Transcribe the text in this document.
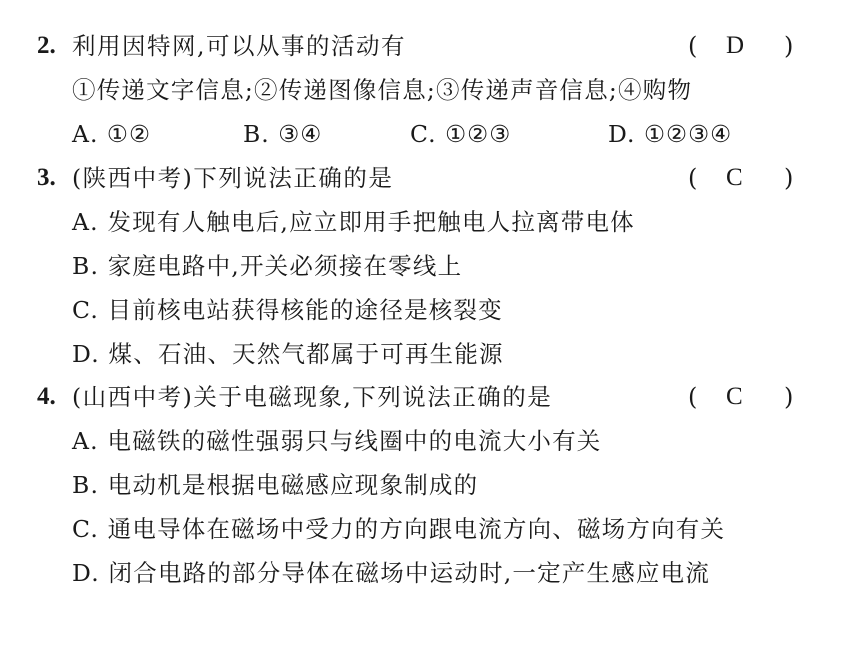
2. 利用因特网,可以从事的活动有	( D )
①传递文字信息;②传递图像信息;③传递声音信息;④购物
A. ①②	B. ③④	C. ①②③	D. ①②③④
3. (陕西中考)下列说法正确的是	( C )
A. 发现有人触电后,应立即用手把触电人拉离带电体
B. 家庭电路中,开关必须接在零线上
C. 目前核电站获得核能的途径是核裂变
D. 煤、石油、天然气都属于可再生能源
4. (山西中考)关于电磁现象,下列说法正确的是	( C )
A. 电磁铁的磁性强弱只与线圈中的电流大小有关
B. 电动机是根据电磁感应现象制成的
C. 通电导体在磁场中受力的方向跟电流方向、磁场方向有关
D. 闭合电路的部分导体在磁场中运动时,一定产生感应电流
